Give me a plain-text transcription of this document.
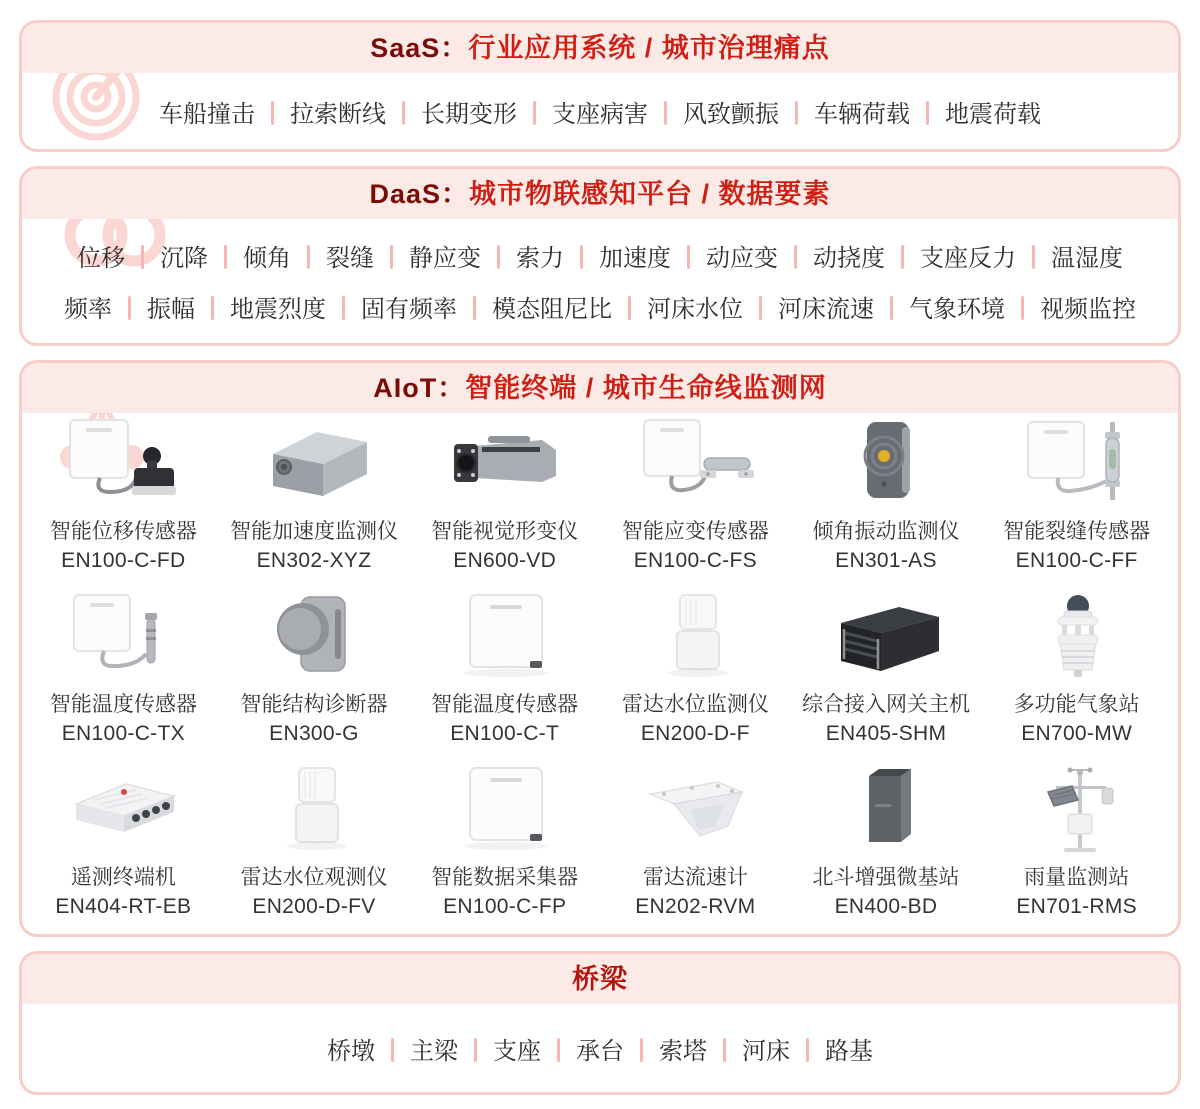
SaaS：行业应用系统 / 城市治理痛点
车船撞击	拉索断线	长期变形	支座病害	风致颤振	车辆荷载	地震荷载
DaaS：城市物联感知平台 / 数据要素
位移	沉降	倾角	裂缝	静应变	索力	加速度	动应变	动挠度	支座反力	温湿度
频率	振幅	地震烈度	固有频率	模态阻尼比	河床水位	河床流速	气象环境	视频监控
AIoT：智能终端 / 城市生命线监测网
智能位移传感器
EN100-C-FD
智能加速度监测仪
EN302-XYZ
智能视觉形变仪
EN600-VD
智能应变传感器
EN100-C-FS
倾角振动监测仪
EN301-AS
智能裂缝传感器
EN100-C-FF
智能温度传感器
EN100-C-TX
智能结构诊断器
EN300-G
智能温度传感器
EN100-C-T
雷达水位监测仪
EN200-D-F
综合接入网关主机
EN405-SHM
多功能气象站
EN700-MW
遥测终端机
EN404-RT-EB
雷达水位观测仪
EN200-D-FV
智能数据采集器
EN100-C-FP
雷达流速计
EN202-RVM
北斗增强微基站
EN400-BD
雨量监测站
EN701-RMS
桥梁
桥墩	主梁	支座	承台	索塔	河床	路基
